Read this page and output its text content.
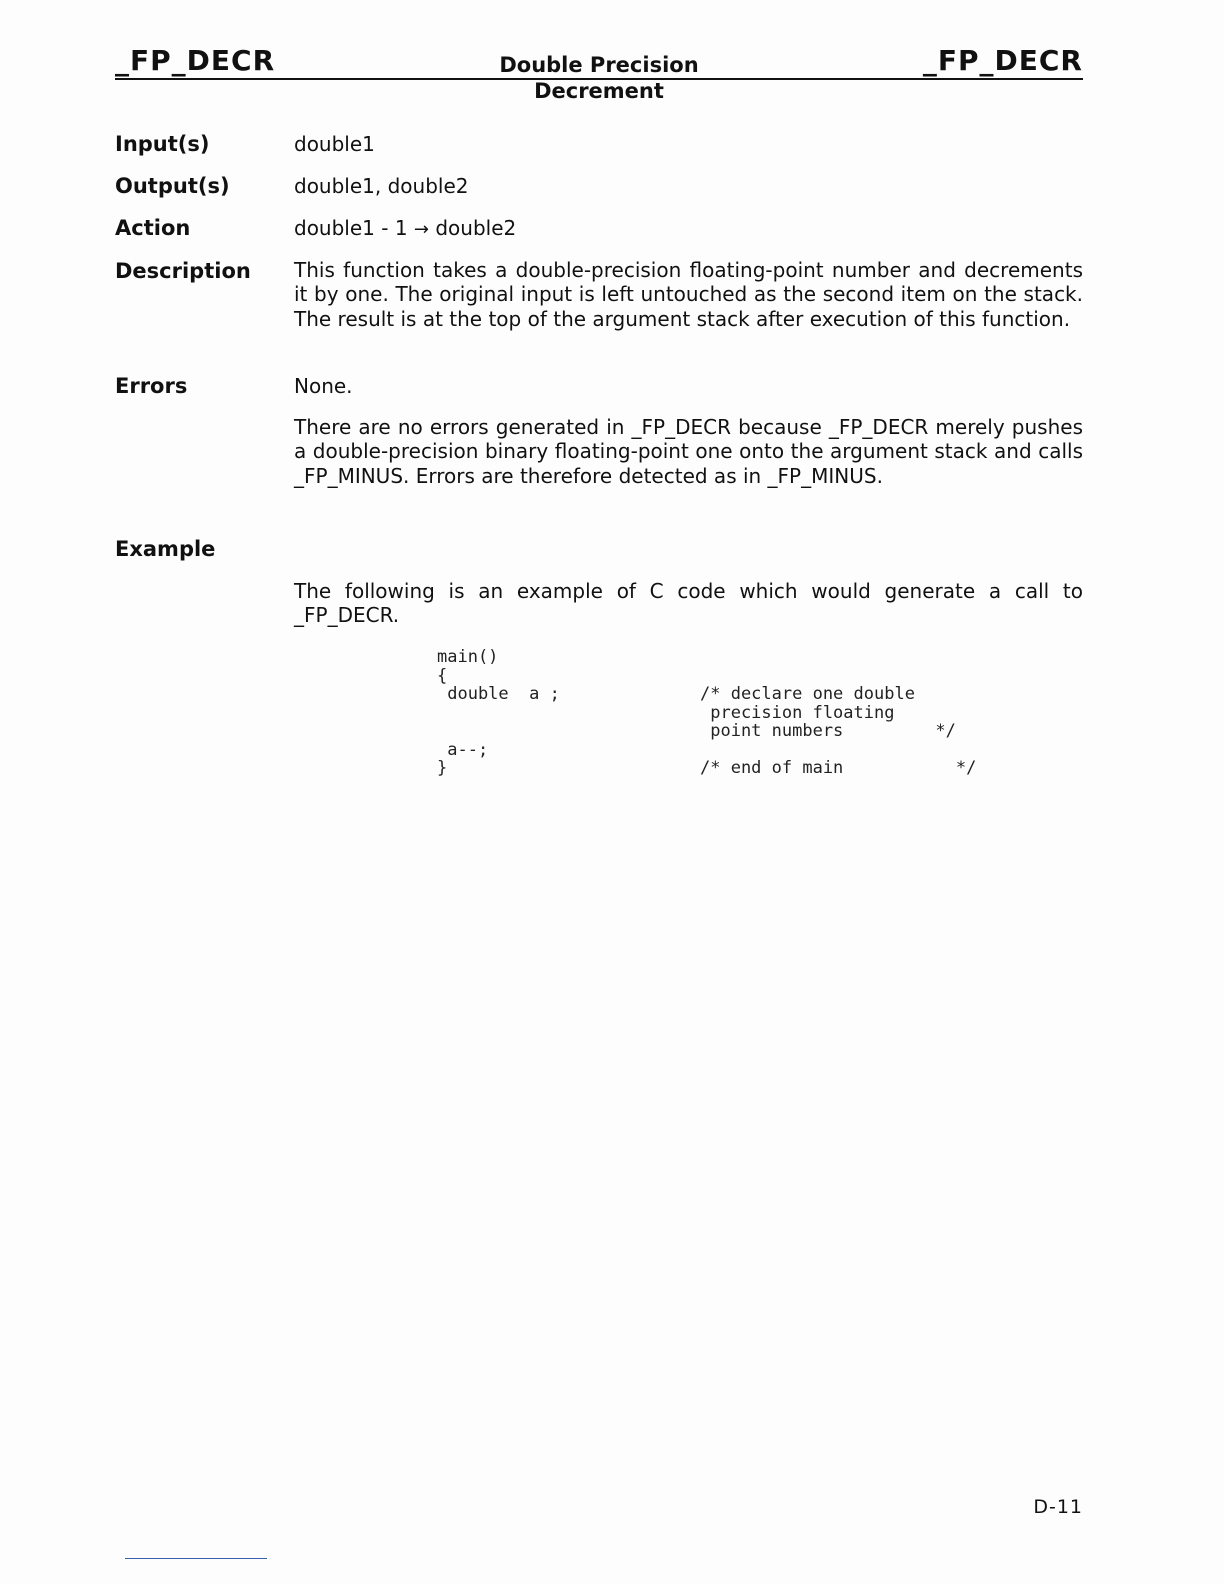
_FP_DECR	Double Precision Decrement
_FP_DECR
Input(s)	double1
Output(s)	double1, double2
Action	double1 - 1 → double2
Description This function takes a double-precision floating-point number and decrements it by one. The original input is left untouched as the second item on the stack. The result is at the top of the argument stack after execution of this function.
Errors	None.
There are no errors generated in _FP_DECR because _FP_DECR merely pushes a double-precision binary floating-point one onto the argument stack and calls _FP_MINUS. Errors are therefore detected as in _FP_MINUS.
Example
The following is an example of C code which would generate a call to _FP_DECR.
main()
{
double  a ;

a--;
}
/* declare one double
precision floating
point numbers         */

/* end of main           */
D-11
